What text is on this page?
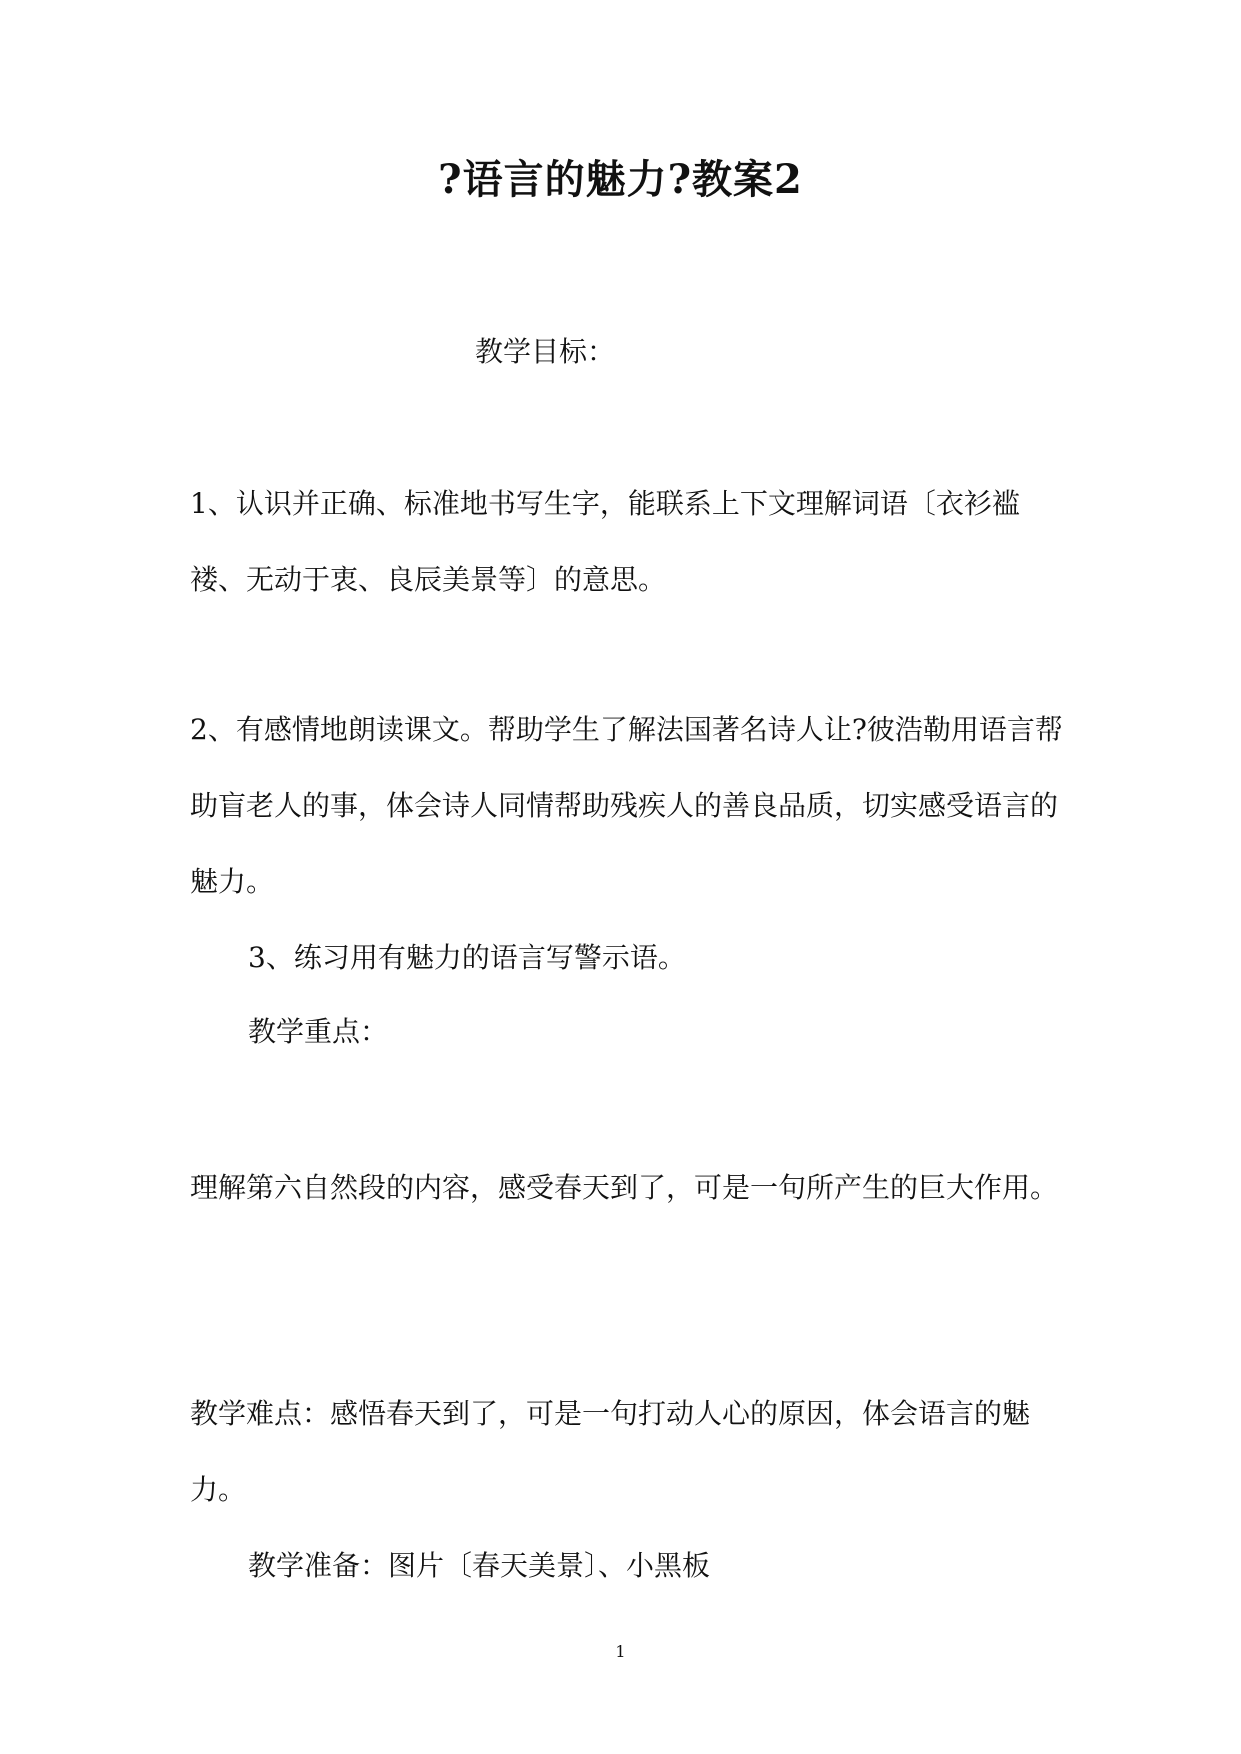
?语言的魅力?教案2
教学目标：

1、认识并正确、标准地书写生字，能联系上下文理解词语〔衣衫褴褛、无动于衷、良辰美景等〕的意思。

2、有感情地朗读课文。帮助学生了解法国著名诗人让?彼浩勒用语言帮助盲老人的事，体会诗人同情帮助残疾人的善良品质，切实感受语言的魅力。

3、练习用有魅力的语言写警示语。

教学重点：

理解第六自然段的内容，感受春天到了，可是一句所产生的巨大作用。

教学难点：感悟春天到了，可是一句打动人心的原因，体会语言的魅力。

教学准备：图片〔春天美景〕、小黑板

1
